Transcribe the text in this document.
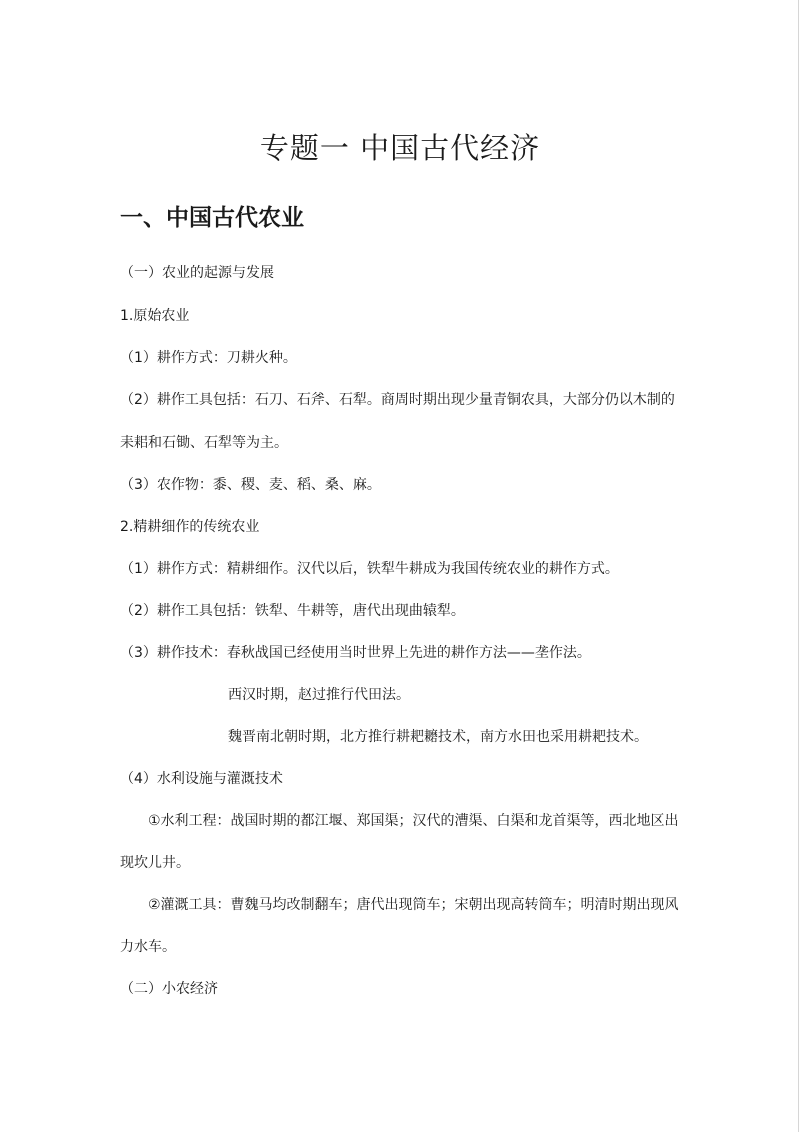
专题一 中国古代经济
一、中国古代农业
（一）农业的起源与发展
1.原始农业
（1）耕作方式：刀耕火种。
（2）耕作工具包括：石刀、石斧、石犁。商周时期出现少量青铜农具，大部分仍以木制的
耒耜和石锄、石犁等为主。
（3）农作物：黍、稷、麦、稻、桑、麻。
2.精耕细作的传统农业
（1）耕作方式：精耕细作。汉代以后，铁犁牛耕成为我国传统农业的耕作方式。
（2）耕作工具包括：铁犁、牛耕等，唐代出现曲辕犁。
（3）耕作技术：春秋战国已经使用当时世界上先进的耕作方法——垄作法。
西汉时期，赵过推行代田法。
魏晋南北朝时期，北方推行耕耙耱技术，南方水田也采用耕耙技术。
（4）水利设施与灌溉技术
①水利工程：战国时期的都江堰、郑国渠；汉代的漕渠、白渠和龙首渠等，西北地区出
现坎儿井。
②灌溉工具：曹魏马均改制翻车；唐代出现筒车；宋朝出现高转筒车；明清时期出现风
力水车。
（二）小农经济
